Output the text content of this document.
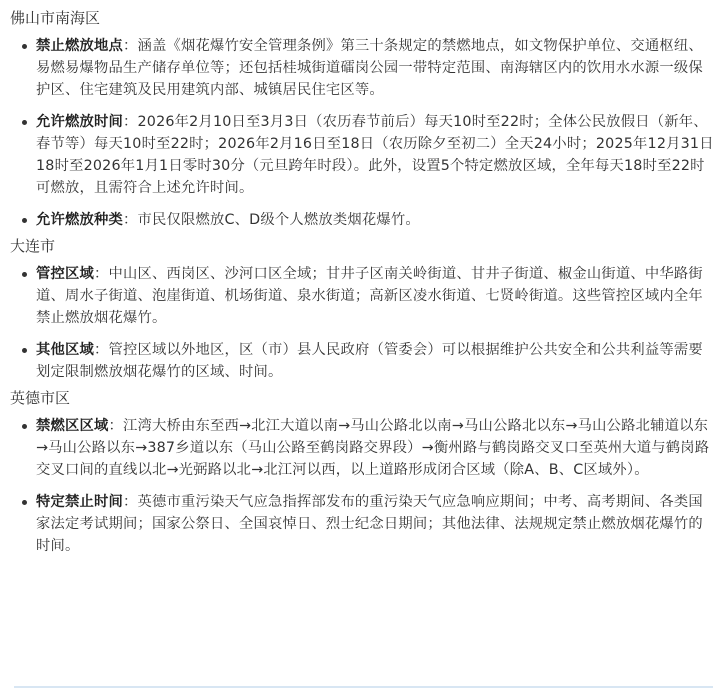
佛山市南海区
禁止燃放地点：涵盖《烟花爆竹安全管理条例》第三十条规定的禁燃地点，如文物保护单位、交通枢纽、易燃易爆物品生产储存单位等；还包括桂城街道礌岗公园一带特定范围、南海辖区内的饮用水水源一级保护区、住宅建筑及民用建筑内部、城镇居民住宅区等。
允许燃放时间：2026年2月10日至3月3日（农历春节前后）每天10时至22时；全体公民放假日（新年、春节等）每天10时至22时；2026年2月16日至18日（农历除夕至初二）全天24小时；2025年12月31日18时至2026年1月1日零时30分（元旦跨年时段）。此外，设置5个特定燃放区域，全年每天18时至22时可燃放，且需符合上述允许时间。
允许燃放种类：市民仅限燃放C、D级个人燃放类烟花爆竹。
大连市
管控区域：中山区、西岗区、沙河口区全域；甘井子区南关岭街道、甘井子街道、椒金山街道、中华路街道、周水子街道、泡崖街道、机场街道、泉水街道；高新区凌水街道、七贤岭街道。这些管控区域内全年禁止燃放烟花爆竹。
其他区域：管控区域以外地区，区（市）县人民政府（管委会）可以根据维护公共安全和公共利益等需要划定限制燃放烟花爆竹的区域、时间。
英德市区
禁燃区区域：江湾大桥由东至西→北江大道以南→马山公路北以南→马山公路北以东→马山公路北辅道以东→马山公路以东→387乡道以东（马山公路至鹤岗路交界段）→衡州路与鹤岗路交叉口至英州大道与鹤岗路交叉口间的直线以北→光弼路以北→北江河以西，以上道路形成闭合区域（除A、B、C区域外）。
特定禁止时间：英德市重污染天气应急指挥部发布的重污染天气应急响应期间；中考、高考期间、各类国家法定考试期间；国家公祭日、全国哀悼日、烈士纪念日期间；其他法律、法规规定禁止燃放烟花爆竹的时间。
